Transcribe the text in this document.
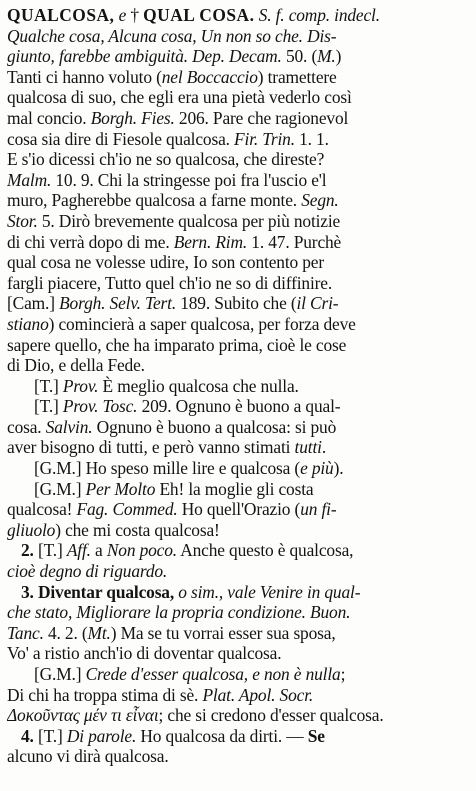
QUALCOSA, e † QUAL COSA. S. f. comp. indecl.
Qualche cosa, Alcuna cosa, Un non so che. Dis-
giunto, farebbe ambiguità. Dep. Decam. 50. (M.)
Tanti ci hanno voluto (nel Boccaccio) tramettere
qualcosa di suo, che egli era una pietà vederlo così
mal concio. Borgh. Fies. 206. Pare che ragionevol
cosa sia dire di Fiesole qualcosa. Fir. Trin. 1. 1.
E s'io dicessi ch'io ne so qualcosa, che direste?
Malm. 10. 9. Chi la stringesse poi fra l'uscio e'l
muro, Pagherebbe qualcosa a farne monte. Segn.
Stor. 5. Dirò brevemente qualcosa per più notizie
di chi verrà dopo di me. Bern. Rim. 1. 47. Purchè
qual cosa ne volesse udire, Io son contento per
fargli piacere, Tutto quel ch'io ne so di diffinire.
[Cam.] Borgh. Selv. Tert. 189. Subito che (il Cri-
stiano) comincierà a saper qualcosa, per forza deve
sapere quello, che ha imparato prima, cioè le cose
di Dio, e della Fede.
[T.] Prov. È meglio qualcosa che nulla.
[T.] Prov. Tosc. 209. Ognuno è buono a qual-
cosa. Salvin. Ognuno è buono a qualcosa: si può
aver bisogno di tutti, e però vanno stimati tutti.
[G.M.] Ho speso mille lire e qualcosa (e più).
[G.M.] Per Molto Eh! la moglie gli costa
qualcosa! Fag. Commed. Ho quell'Orazio (un fi-
gliuolo) che mi costa qualcosa!
2. [T.] Aff. a Non poco. Anche questo è qualcosa,
cioè degno di riguardo.
3. Diventar qualcosa, o sim., vale Venire in qual-
che stato, Migliorare la propria condizione. Buon.
Tanc. 4. 2. (Mt.) Ma se tu vorrai esser sua sposa,
Vo' a ristio anch'io di doventar qualcosa.
[G.M.] Crede d'esser qualcosa, e non è nulla;
Di chi ha troppa stima di sè. Plat. Apol. Socr.
Δοκοῦντας μέν τι εἶναι; che si credono d'esser qualcosa.
4. [T.] Di parole. Ho qualcosa da dirti. — Se
alcuno vi dirà qualcosa.
